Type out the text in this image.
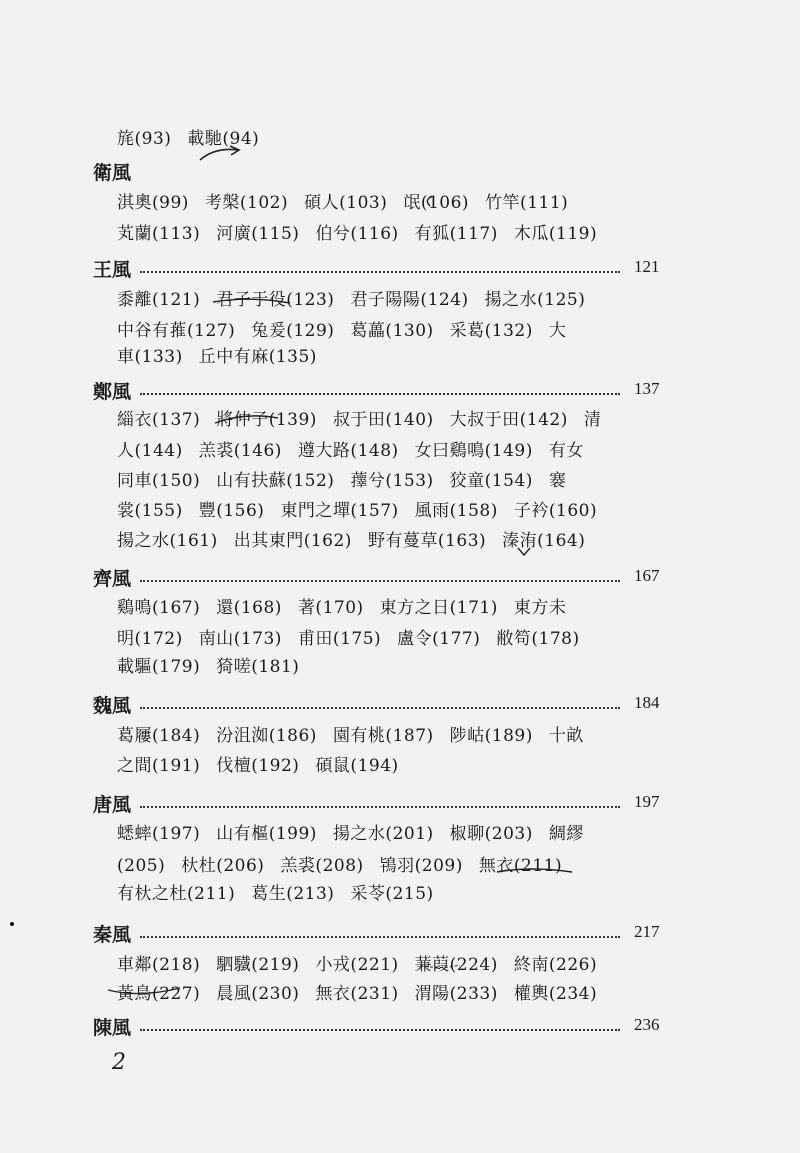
旄(93) 載馳(94)
衛風
淇奧(99) 考槃(102) 碩人(103) 氓(106) 竹竿(111)
芄蘭(113) 河廣(115) 伯兮(116) 有狐(117) 木瓜(119)
王風	121
黍離(121) 君子于役(123) 君子陽陽(124) 揚之水(125)
中谷有蓷(127) 兔爰(129) 葛藟(130) 采葛(132) 大
車(133) 丘中有麻(135)
鄭風	137
緇衣(137) 將仲子(139) 叔于田(140) 大叔于田(142) 清
人(144) 羔裘(146) 遵大路(148) 女曰鷄鳴(149) 有女
同車(150) 山有扶蘇(152) 蘀兮(153) 狡童(154) 褰
裳(155) 豐(156) 東門之墠(157) 風雨(158) 子衿(160)
揚之水(161) 出其東門(162) 野有蔓草(163) 溱洧(164)
齊風	167
鷄鳴(167) 還(168) 著(170) 東方之日(171) 東方未
明(172) 南山(173) 甫田(175) 盧令(177) 敝笱(178)
載驅(179) 猗嗟(181)
魏風	184
葛屨(184) 汾沮洳(186) 園有桃(187) 陟岵(189) 十畝
之間(191) 伐檀(192) 碩鼠(194)
唐風	197
蟋蟀(197) 山有樞(199) 揚之水(201) 椒聊(203) 綢繆
(205) 杕杜(206) 羔裘(208) 鴇羽(209) 無衣(211)
有杕之杜(211) 葛生(213) 采苓(215)
秦風	217
車鄰(218) 駟驖(219) 小戎(221) 蒹葭(224) 終南(226)
黃鳥(227) 晨風(230) 無衣(231) 渭陽(233) 權輿(234)
陳風	236
2
